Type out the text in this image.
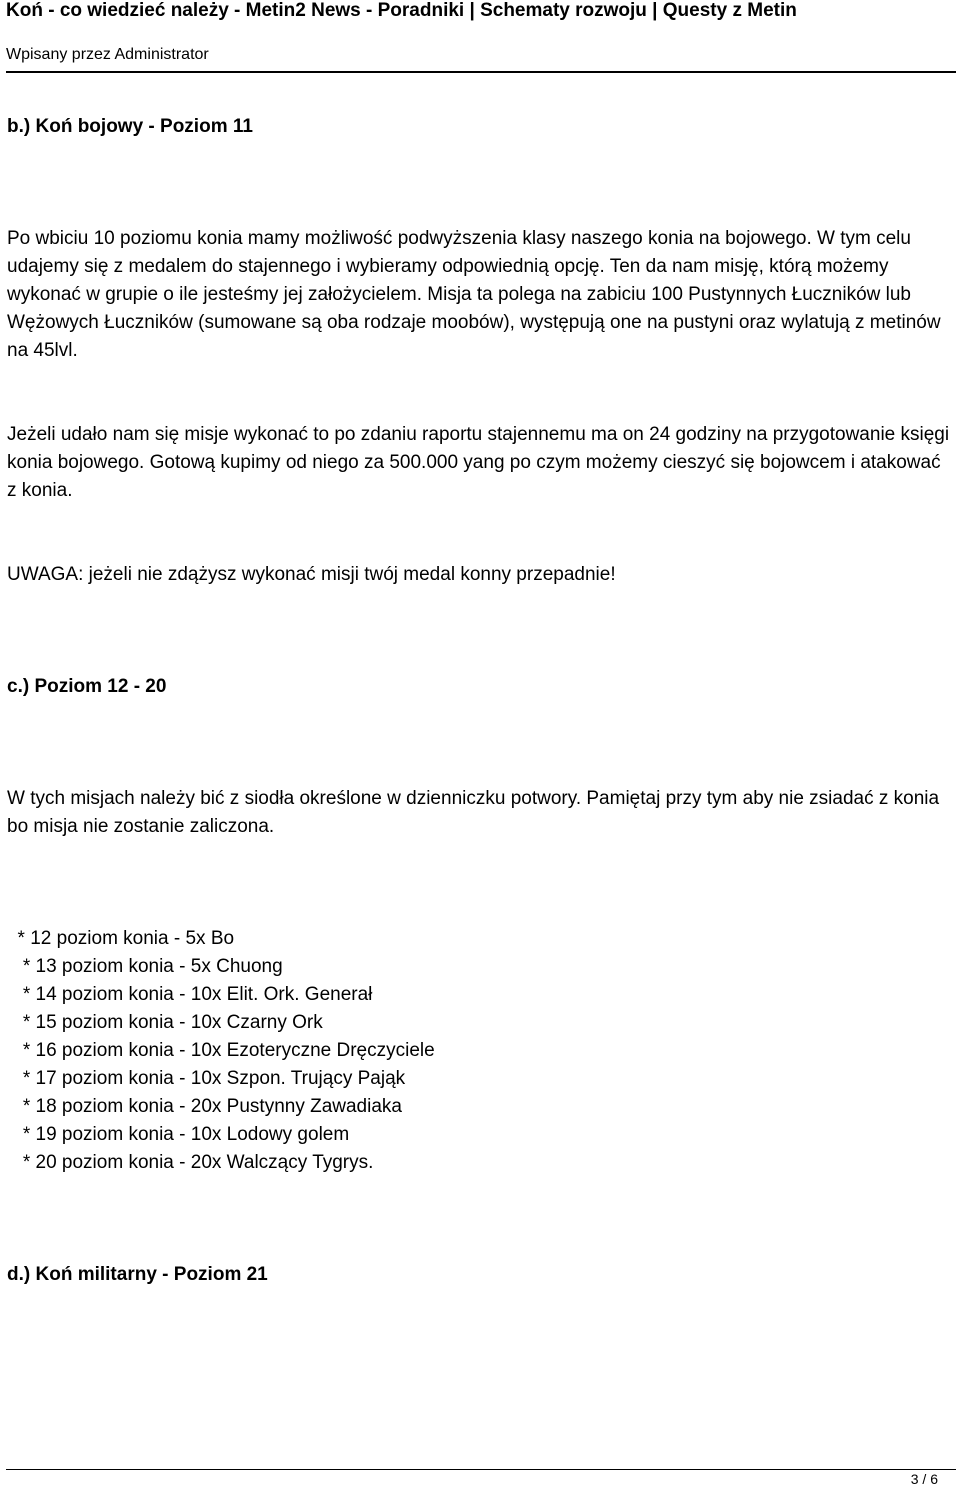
Koń - co wiedzieć należy - Metin2 News - Poradniki | Schematy rozwoju | Questy z Metin
Wpisany przez Administrator
b.) Koń bojowy - Poziom 11

Po wbiciu 10 poziomu konia mamy możliwość podwyższenia klasy naszego konia na bojowego. W tym celu udajemy się z medalem do stajennego i wybieramy odpowiednią opcję. Ten da nam misję, którą możemy wykonać w grupie o ile jesteśmy jej założycielem. Misja ta polega na zabiciu 100 Pustynnych Łuczników lub Wężowych Łuczników (sumowane są oba rodzaje moobów), występują one na pustyni oraz wylatują z metinów na 45lvl.

Jeżeli udało nam się misje wykonać to po zdaniu raportu stajennemu ma on 24 godziny na przygotowanie księgi konia bojowego. Gotową kupimy od niego za 500.000 yang po czym możemy cieszyć się bojowcem i atakować z konia.

UWAGA: jeżeli nie zdążysz wykonać misji twój medal konny przepadnie!

c.) Poziom 12 - 20

W tych misjach należy bić z siodła określone w dzienniczku potwory. Pamiętaj przy tym aby nie zsiadać z konia bo misja nie zostanie zaliczona.

* 12 poziom konia - 5x Bo
* 13 poziom konia - 5x Chuong
* 14 poziom konia - 10x Elit. Ork. Generał
* 15 poziom konia - 10x Czarny Ork
* 16 poziom konia - 10x Ezoteryczne Dręczyciele
* 17 poziom konia - 10x Szpon. Trujący Pająk
* 18 poziom konia - 20x Pustynny Zawadiaka
* 19 poziom konia - 10x Lodowy golem
* 20 poziom konia - 20x Walczący Tygrys.
d.) Koń militarny - Poziom 21
3 / 6
